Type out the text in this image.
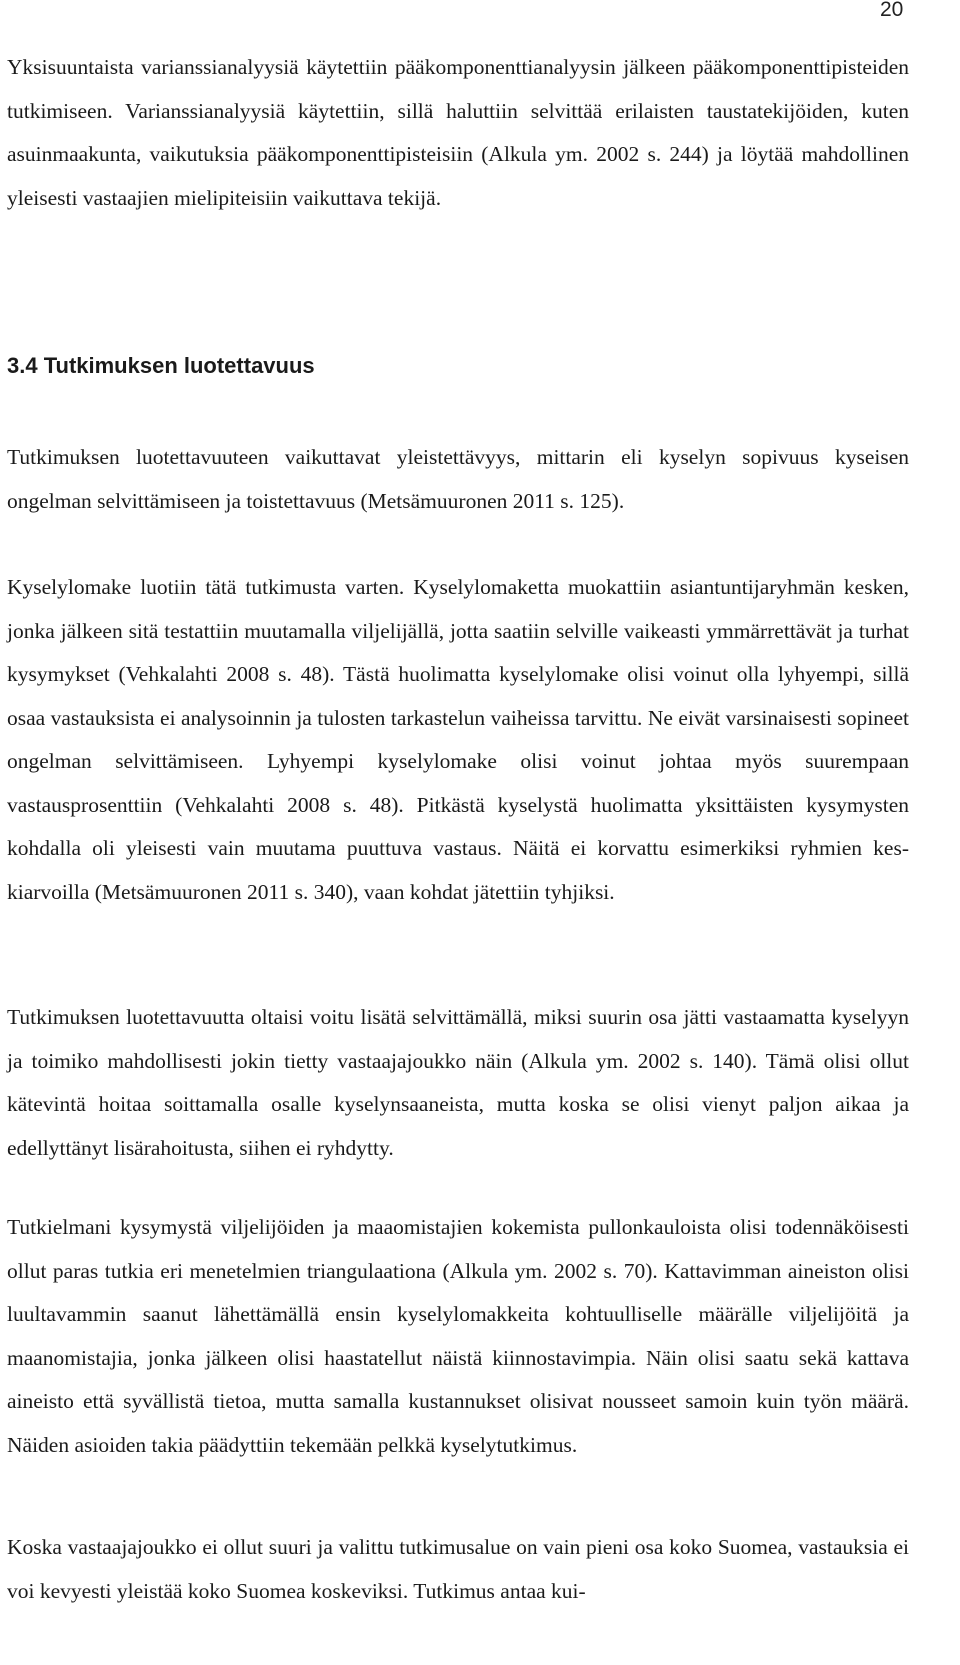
20

Yksisuuntaista varianssianalyysiä käytettiin pääkomponenttianalyysin jälkeen pääkomponenttipisteiden tutkimiseen. Varianssianalyysiä käytettiin, sillä haluttiin selvittää erilaisten taustatekijöiden, kuten asuinmaakunta, vaikutuksia pääkomponenttipisteisiin (Alkula ym. 2002 s. 244) ja löytää mahdollinen yleisesti vastaajien mielipiteisiin vaikuttava tekijä.

3.4 Tutkimuksen luotettavuus

Tutkimuksen luotettavuuteen vaikuttavat yleistettävyys, mittarin eli kyselyn sopivuus kyseisen ongelman selvittämiseen ja toistettavuus (Metsämuuronen 2011 s. 125).

Kyselylomake luotiin tätä tutkimusta varten. Kyselylomaketta muokattiin asiantuntijaryhmän kesken, jonka jälkeen sitä testattiin muutamalla viljelijällä, jotta saatiin selville vaikeasti ymmärrettävät ja turhat kysymykset (Vehkalahti 2008 s. 48). Tästä huolimatta kyselylomake olisi voinut olla lyhyempi, sillä osaa vastauksista ei analysoinnin ja tulosten tarkastelun vaiheissa tarvittu. Ne eivät varsinaisesti sopineet ongelman selvittämiseen. Lyhyempi kyselylomake olisi voinut johtaa myös suurempaan vastausprosenttiin (Vehkalahti 2008 s. 48). Pitkästä kyselystä huolimatta yksittäisten kysymysten kohdalla oli yleisesti vain muutama puuttuva vastaus. Näitä ei korvattu esimerkiksi ryhmien keskiarvoilla (Metsämuuronen 2011 s. 340), vaan kohdat jätettiin tyhjiksi.

Tutkimuksen luotettavuutta oltaisi voitu lisätä selvittämällä, miksi suurin osa jätti vastaamatta kyselyyn ja toimiko mahdollisesti jokin tietty vastaajajoukko näin (Alkula ym. 2002 s. 140). Tämä olisi ollut kätevintä hoitaa soittamalla osalle kyselynsaaneista, mutta koska se olisi vienyt paljon aikaa ja edellyttänyt lisärahoitusta, siihen ei ryhdytty.

Tutkielmani kysymystä viljelijöiden ja maaomistajien kokemista pullonkauloista olisi todennäköisesti ollut paras tutkia eri menetelmien triangulaationa (Alkula ym. 2002 s. 70). Kattavimman aineiston olisi luultavammin saanut lähettämällä ensin kyselylomakkeita kohtuulliselle määrälle viljelijöitä ja maanomistajia, jonka jälkeen olisi haastatellut näistä kiinnostavimpia. Näin olisi saatu sekä kattava aineisto että syvällistä tietoa, mutta samalla kustannukset olisivat nousseet samoin kuin työn määrä. Näiden asioiden takia päädyttiin tekemään pelkkä kyselytutkimus.

Koska vastaajajoukko ei ollut suuri ja valittu tutkimusalue on vain pieni osa koko Suomea, vastauksia ei voi kevyesti yleistää koko Suomea koskeviksi. Tutkimus antaa kui-
